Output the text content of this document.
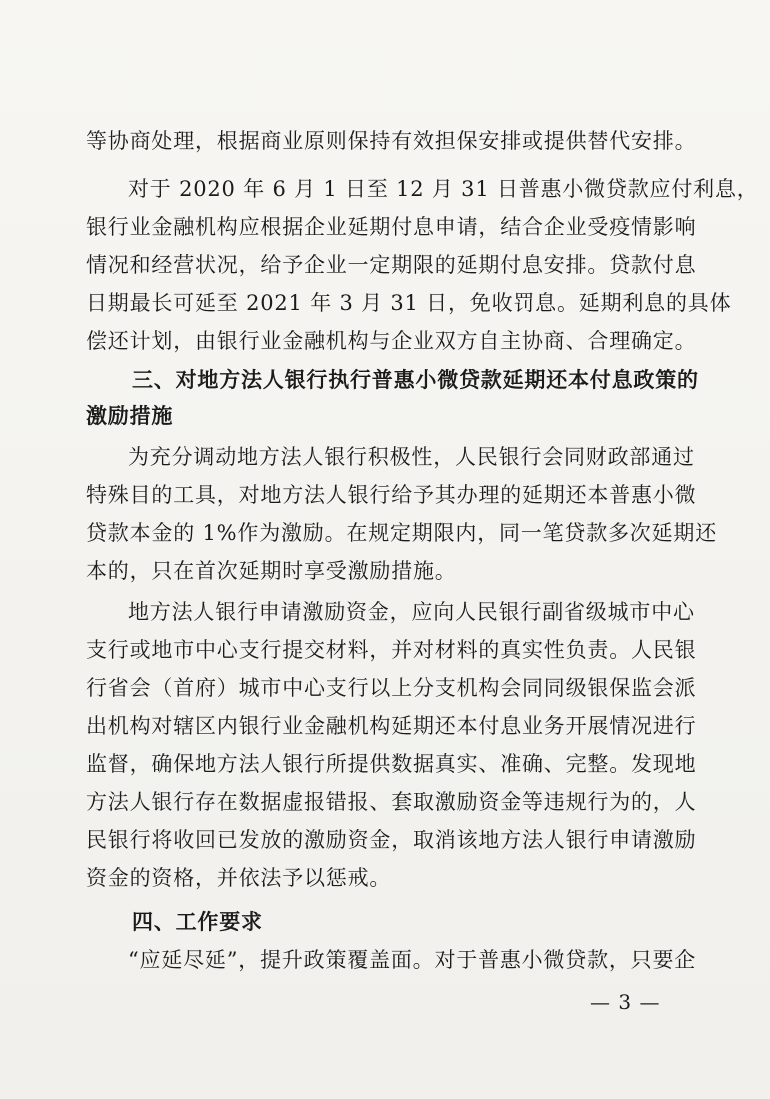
等协商处理，根据商业原则保持有效担保安排或提供替代安排。
对于 2020 年 6 月 1 日至 12 月 31 日普惠小微贷款应付利息，
银行业金融机构应根据企业延期付息申请，结合企业受疫情影响
情况和经营状况，给予企业一定期限的延期付息安排。贷款付息
日期最长可延至 2021 年 3 月 31 日，免收罚息。延期利息的具体
偿还计划，由银行业金融机构与企业双方自主协商、合理确定。
三、对地方法人银行执行普惠小微贷款延期还本付息政策的
激励措施
为充分调动地方法人银行积极性，人民银行会同财政部通过
特殊目的工具，对地方法人银行给予其办理的延期还本普惠小微
贷款本金的 1%作为激励。在规定期限内，同一笔贷款多次延期还
本的，只在首次延期时享受激励措施。
地方法人银行申请激励资金，应向人民银行副省级城市中心
支行或地市中心支行提交材料，并对材料的真实性负责。人民银
行省会（首府）城市中心支行以上分支机构会同同级银保监会派
出机构对辖区内银行业金融机构延期还本付息业务开展情况进行
监督，确保地方法人银行所提供数据真实、准确、完整。发现地
方法人银行存在数据虚报错报、套取激励资金等违规行为的，人
民银行将收回已发放的激励资金，取消该地方法人银行申请激励
资金的资格，并依法予以惩戒。
四、工作要求
“应延尽延”，提升政策覆盖面。对于普惠小微贷款，只要企
— 3 —
